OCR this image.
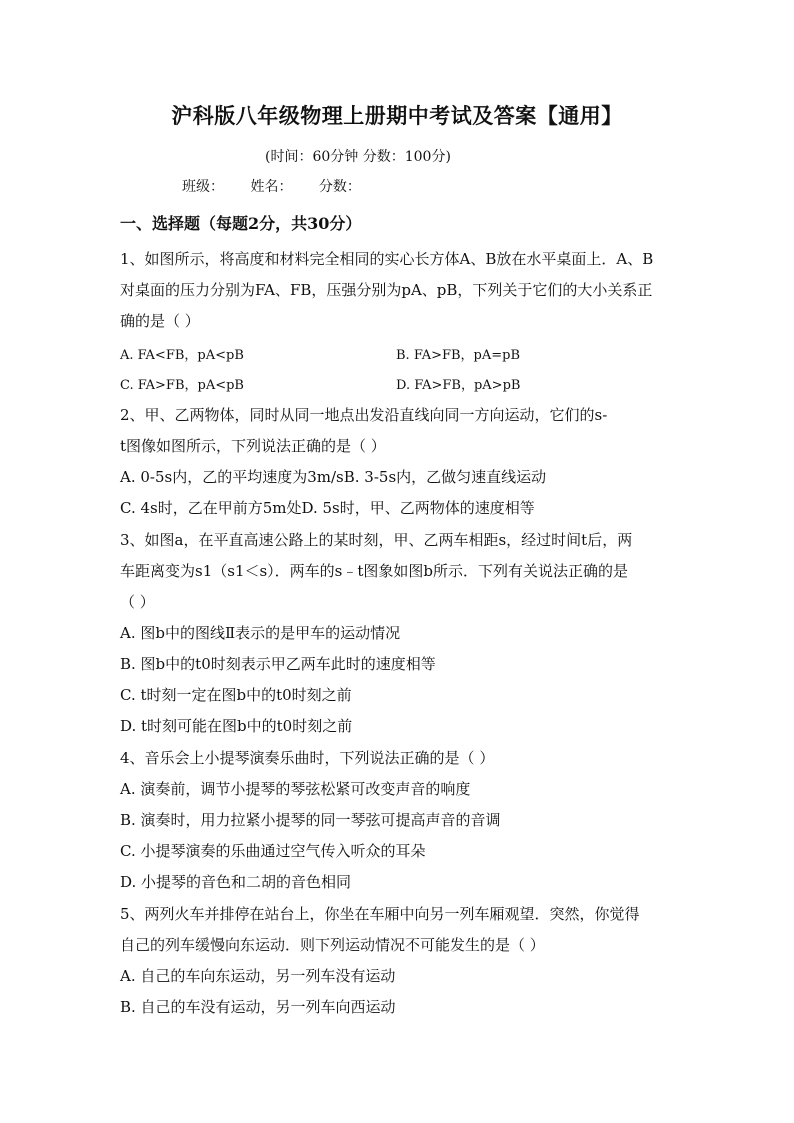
沪科版八年级物理上册期中考试及答案【通用】
(时间：60分钟 分数：100分)
班级： 姓名： 分数：
一、选择题（每题2分，共30分）
1、如图所示，将高度和材料完全相同的实心长方体A、B放在水平桌面上．A、B
对桌面的压力分别为FA、FB，压强分别为pA、pB，下列关于它们的大小关系正
确的是（ ）
A. FA<FB，pA<pB	B. FA>FB，pA=pB
C. FA>FB，pA<pB	D. FA>FB，pA>pB
2、甲、乙两物体，同时从同一地点出发沿直线向同一方向运动，它们的s-
t图像如图所示，下列说法正确的是（ ）
A. 0-5s内，乙的平均速度为3m/sB. 3-5s内，乙做匀速直线运动
C. 4s时，乙在甲前方5m处D. 5s时，甲、乙两物体的速度相等
3、如图a，在平直高速公路上的某时刻，甲、乙两车相距s，经过时间t后，两
车距离变为s1（s1＜s）．两车的s﹣t图象如图b所示．下列有关说法正确的是
（ ）
A. 图b中的图线Ⅱ表示的是甲车的运动情况
B. 图b中的t0时刻表示甲乙两车此时的速度相等
C. t时刻一定在图b中的t0时刻之前
D. t时刻可能在图b中的t0时刻之前
4、音乐会上小提琴演奏乐曲时，下列说法正确的是（ ）
A. 演奏前，调节小提琴的琴弦松紧可改变声音的响度
B. 演奏时，用力拉紧小提琴的同一琴弦可提高声音的音调
C. 小提琴演奏的乐曲通过空气传入听众的耳朵
D. 小提琴的音色和二胡的音色相同
5、两列火车并排停在站台上，你坐在车厢中向另一列车厢观望．突然，你觉得
自己的列车缓慢向东运动．则下列运动情况不可能发生的是（ ）
A. 自己的车向东运动，另一列车没有运动
B. 自己的车没有运动，另一列车向西运动
